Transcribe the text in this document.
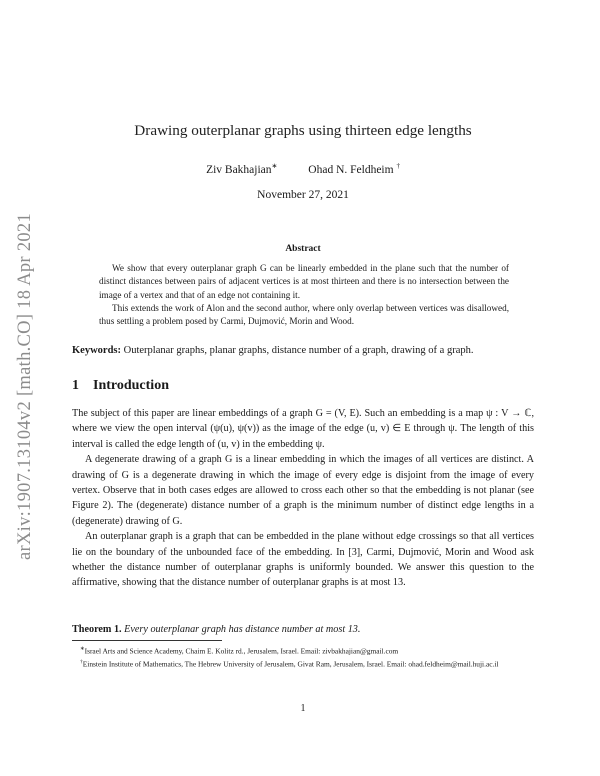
arXiv:1907.13104v2 [math.CO] 18 Apr 2021
Drawing outerplanar graphs using thirteen edge lengths
Ziv Bakhajian∗	Ohad N. Feldheim †
November 27, 2021
Abstract

We show that every outerplanar graph G can be linearly embedded in the plane such that the number of distinct distances between pairs of adjacent vertices is at most thirteen and there is no intersection between the image of a vertex and that of an edge not containing it.

This extends the work of Alon and the second author, where only overlap between vertices was disallowed, thus settling a problem posed by Carmi, Dujmović, Morin and Wood.

Keywords: Outerplanar graphs, planar graphs, distance number of a graph, drawing of a graph.
1 Introduction

The subject of this paper are linear embeddings of a graph G = (V, E). Such an embedding is a map ψ : V → ℂ, where we view the open interval (ψ(u), ψ(v)) as the image of the edge (u, v) ∈ E through ψ. The length of this interval is called the edge length of (u, v) in the embedding ψ.

A degenerate drawing of a graph G is a linear embedding in which the images of all vertices are distinct. A drawing of G is a degenerate drawing in which the image of every edge is disjoint from the image of every vertex. Observe that in both cases edges are allowed to cross each other so that the embedding is not planar (see Figure 2). The (degenerate) distance number of a graph is the minimum number of distinct edge lengths in a (degenerate) drawing of G.

An outerplanar graph is a graph that can be embedded in the plane without edge crossings so that all vertices lie on the boundary of the unbounded face of the embedding. In [3], Carmi, Dujmović, Morin and Wood ask whether the distance number of outerplanar graphs is uniformly bounded. We answer this question to the affirmative, showing that the distance number of outerplanar graphs is at most 13.

Theorem 1. Every outerplanar graph has distance number at most 13.

∗Israel Arts and Science Academy, Chaim E. Kolitz rd., Jerusalem, Israel. Email: zivbakhajian@gmail.com

†Einstein Institute of Mathematics, The Hebrew University of Jerusalem, Givat Ram, Jerusalem, Israel. Email: ohad.feldheim@mail.huji.ac.il

1
